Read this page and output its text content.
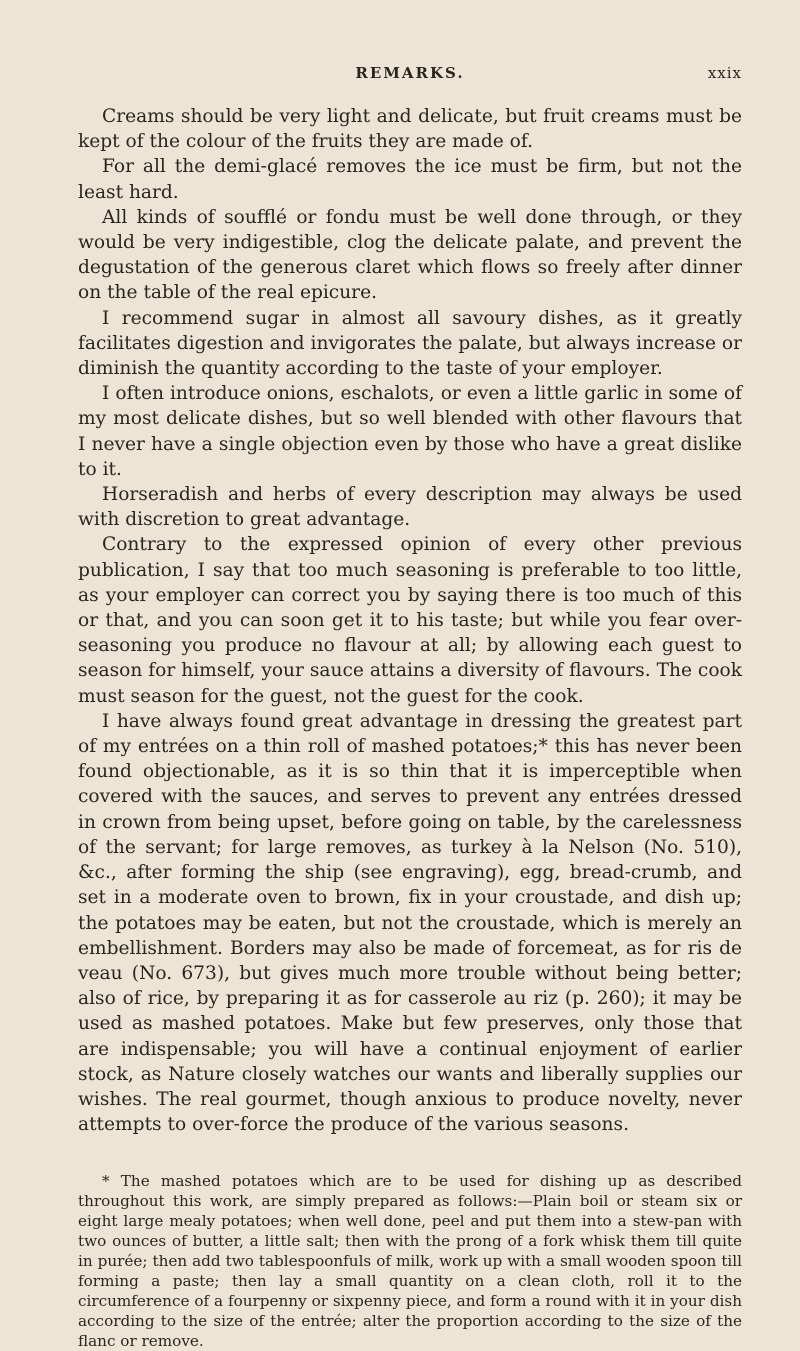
REMARKS.	xxix

Creams should be very light and delicate, but fruit creams must be kept of the colour of the fruits they are made of.

For all the demi-glacé removes the ice must be firm, but not the least hard.

All kinds of soufflé or fondu must be well done through, or they would be very indigestible, clog the delicate palate, and prevent the degustation of the generous claret which flows so freely after dinner on the table of the real epicure.

I recommend sugar in almost all savoury dishes, as it greatly facilitates digestion and invigorates the palate, but always increase or diminish the quantity according to the taste of your employer.

I often introduce onions, eschalots, or even a little garlic in some of my most delicate dishes, but so well blended with other flavours that I never have a single objection even by those who have a great dislike to it.

Horseradish and herbs of every description may always be used with discretion to great advantage.

Contrary to the expressed opinion of every other previous publication, I say that too much seasoning is preferable to too little, as your employer can correct you by saying there is too much of this or that, and you can soon get it to his taste; but while you fear over-seasoning you produce no flavour at all; by allowing each guest to season for himself, your sauce attains a diversity of flavours. The cook must season for the guest, not the guest for the cook.

I have always found great advantage in dressing the greatest part of my entrées on a thin roll of mashed potatoes;* this has never been found objectionable, as it is so thin that it is imperceptible when covered with the sauces, and serves to prevent any entrées dressed in crown from being upset, before going on table, by the carelessness of the servant; for large removes, as turkey à la Nelson (No. 510), &c., after forming the ship (see engraving), egg, bread-crumb, and set in a moderate oven to brown, fix in your croustade, and dish up; the potatoes may be eaten, but not the croustade, which is merely an embellishment. Borders may also be made of forcemeat, as for ris de veau (No. 673), but gives much more trouble without being better; also of rice, by preparing it as for casserole au riz (p. 260); it may be used as mashed potatoes. Make but few preserves, only those that are indispensable; you will have a continual enjoyment of earlier stock, as Nature closely watches our wants and liberally supplies our wishes. The real gourmet, though anxious to produce novelty, never attempts to over-force the produce of the various seasons.

* The mashed potatoes which are to be used for dishing up as described throughout this work, are simply prepared as follows:—Plain boil or steam six or eight large mealy potatoes; when well done, peel and put them into a stew-pan with two ounces of butter, a little salt; then with the prong of a fork whisk them till quite in purée; then add two tablespoonfuls of milk, work up with a small wooden spoon till forming a paste; then lay a small quantity on a clean cloth, roll it to the circumference of a fourpenny or sixpenny piece, and form a round with it in your dish according to the size of the entrée; alter the proportion according to the size of the flanc or remove.
